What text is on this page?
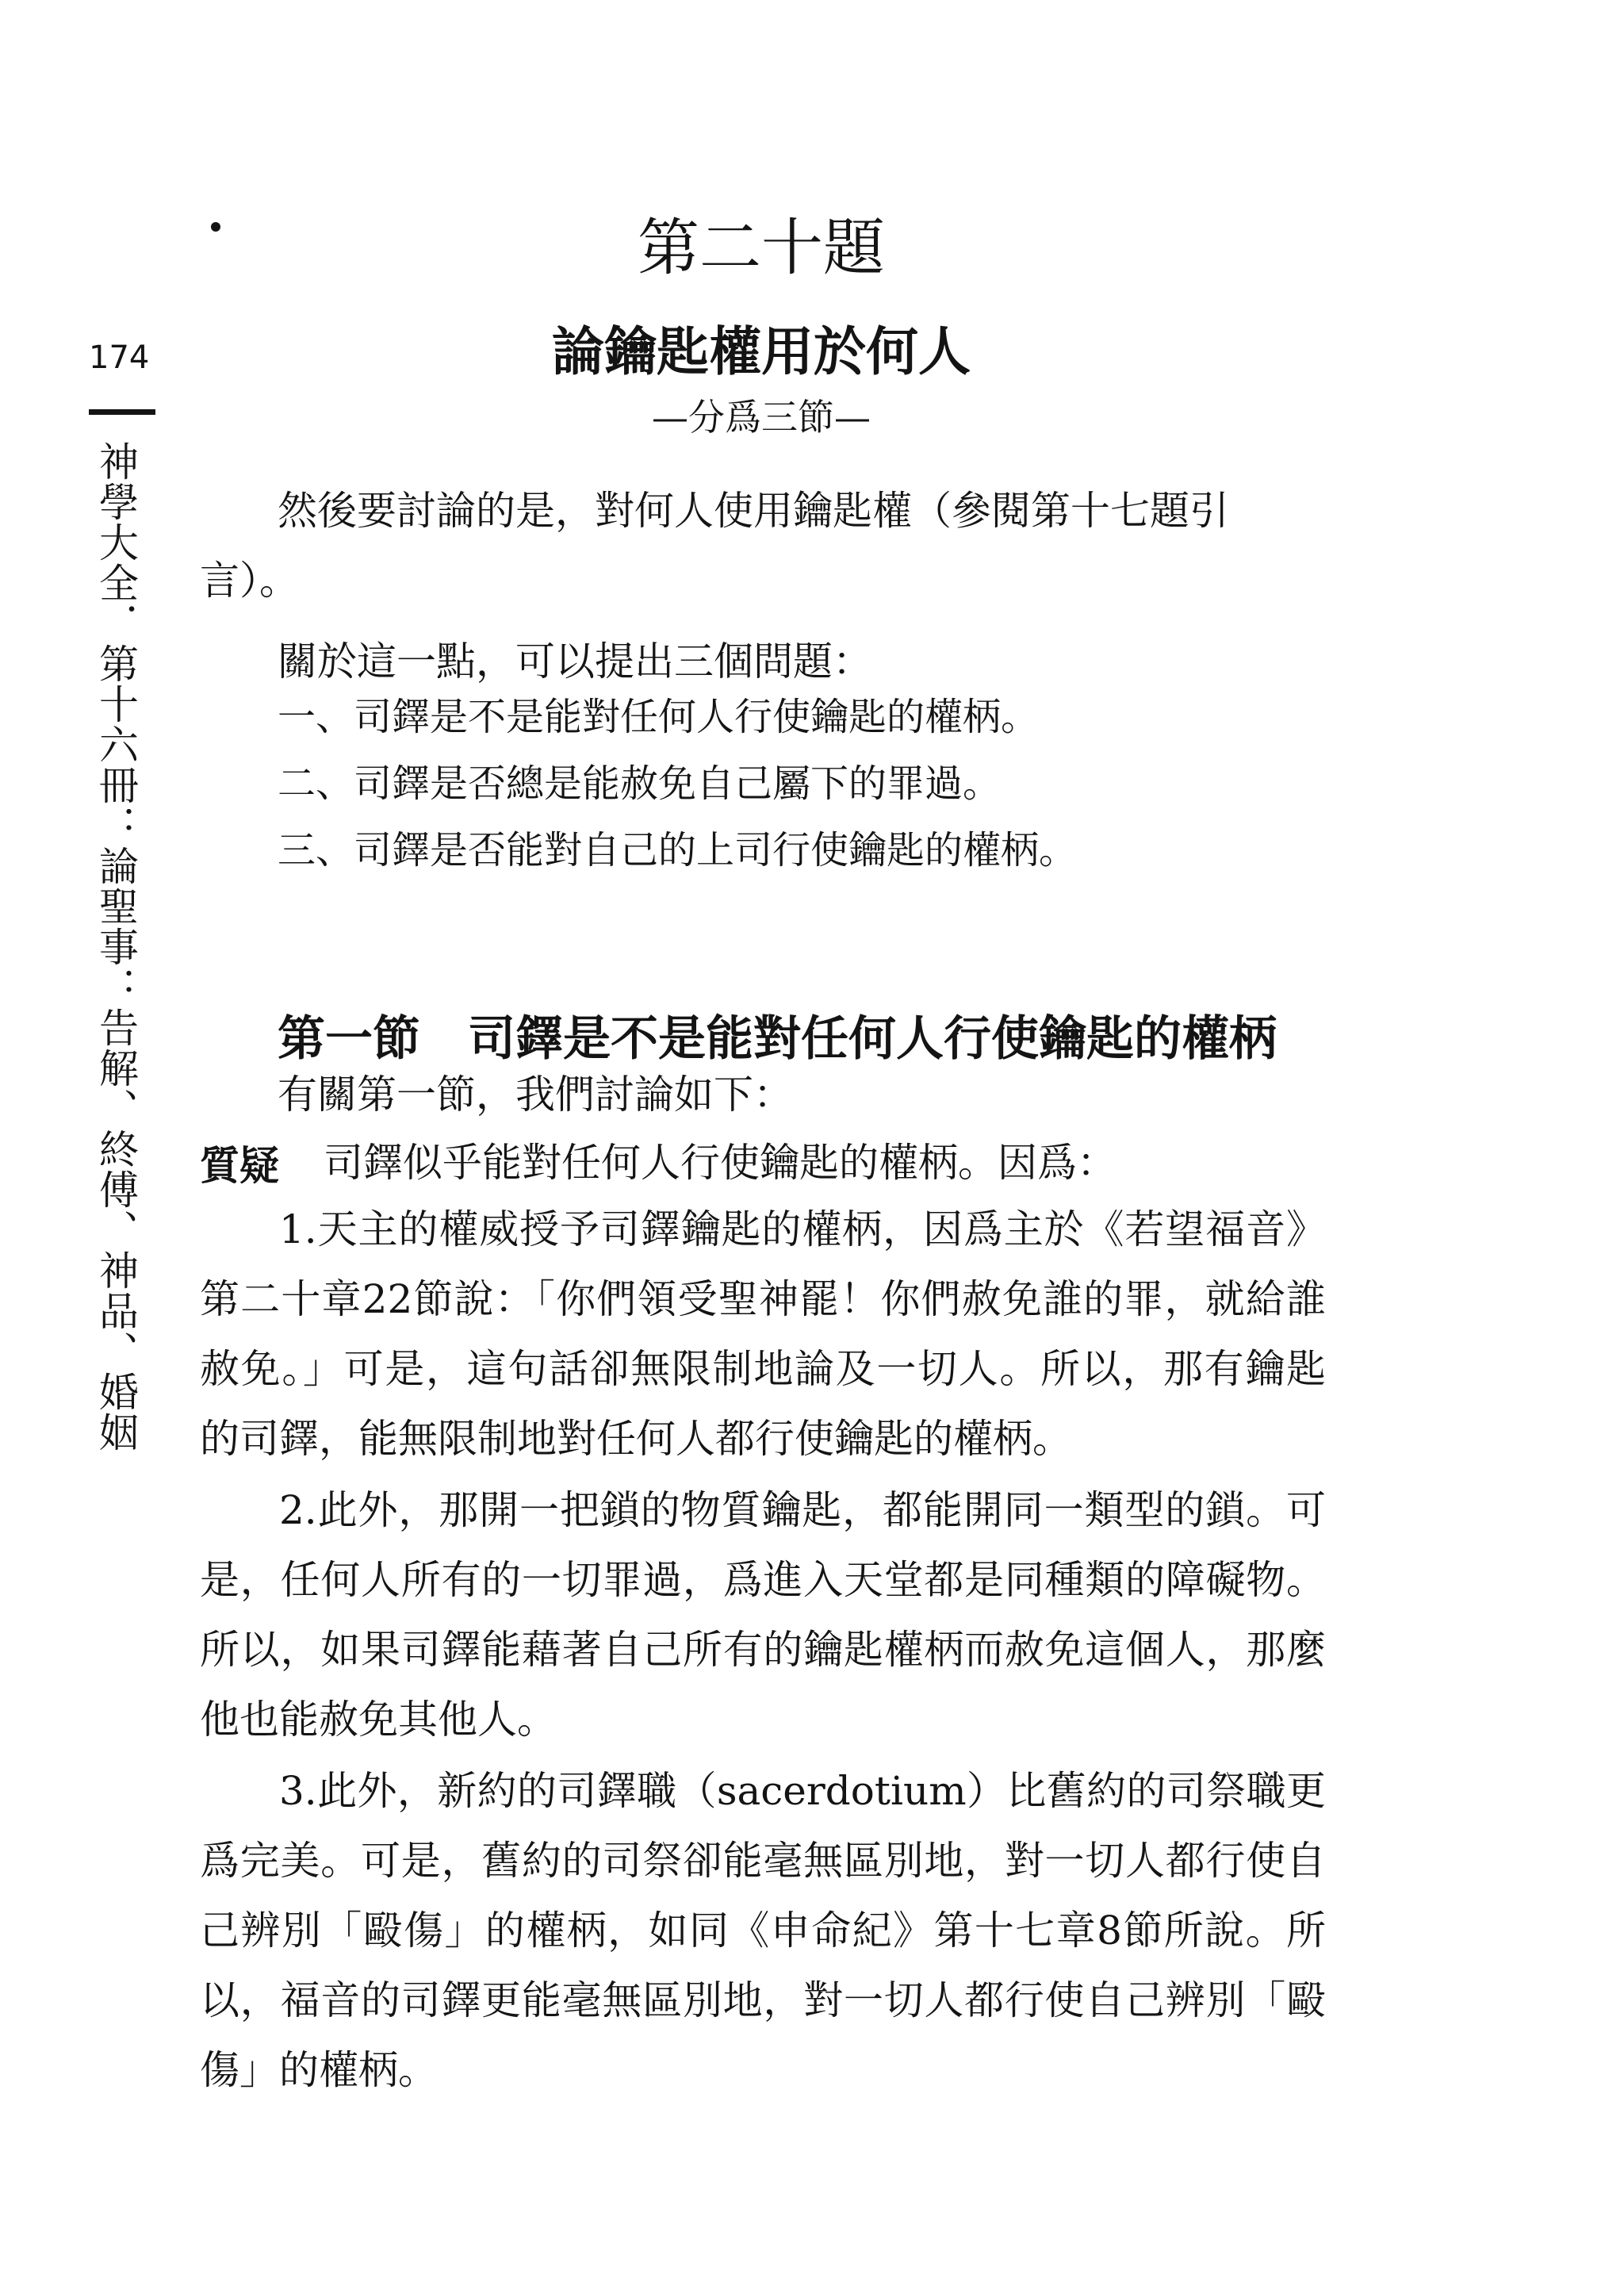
174
神學大全．第十六冊：論聖事：告解、終傅、神品、婚姻
第二十題
論鑰匙權用於何人
—分爲三節—
然後要討論的是，對何人使用鑰匙權（參閱第十七題引
言）。
關於這一點，可以提出三個問題：
一、司鐸是不是能對任何人行使鑰匙的權柄。
二、司鐸是否總是能赦免自己屬下的罪過。
三、司鐸是否能對自己的上司行使鑰匙的權柄。
第一節　司鐸是不是能對任何人行使鑰匙的權柄
有關第一節，我們討論如下：
質疑 司鐸似乎能對任何人行使鑰匙的權柄。因爲：

1.天主的權威授予司鐸鑰匙的權柄，因爲主於《若望福音》第二十章22節說：「你們領受聖神罷！你們赦免誰的罪，就給誰赦免。」可是，這句話卻無限制地論及一切人。所以，那有鑰匙的司鐸，能無限制地對任何人都行使鑰匙的權柄。

2.此外，那開一把鎖的物質鑰匙，都能開同一類型的鎖。可是，任何人所有的一切罪過，爲進入天堂都是同種類的障礙物。所以，如果司鐸能藉著自己所有的鑰匙權柄而赦免這個人，那麼他也能赦免其他人。

3.此外，新約的司鐸職（sacerdotium）比舊約的司祭職更爲完美。可是，舊約的司祭卻能毫無區別地，對一切人都行使自己辨別「毆傷」的權柄，如同《申命紀》第十七章8節所說。所以，福音的司鐸更能毫無區別地，對一切人都行使自己辨別「毆傷」的權柄。
